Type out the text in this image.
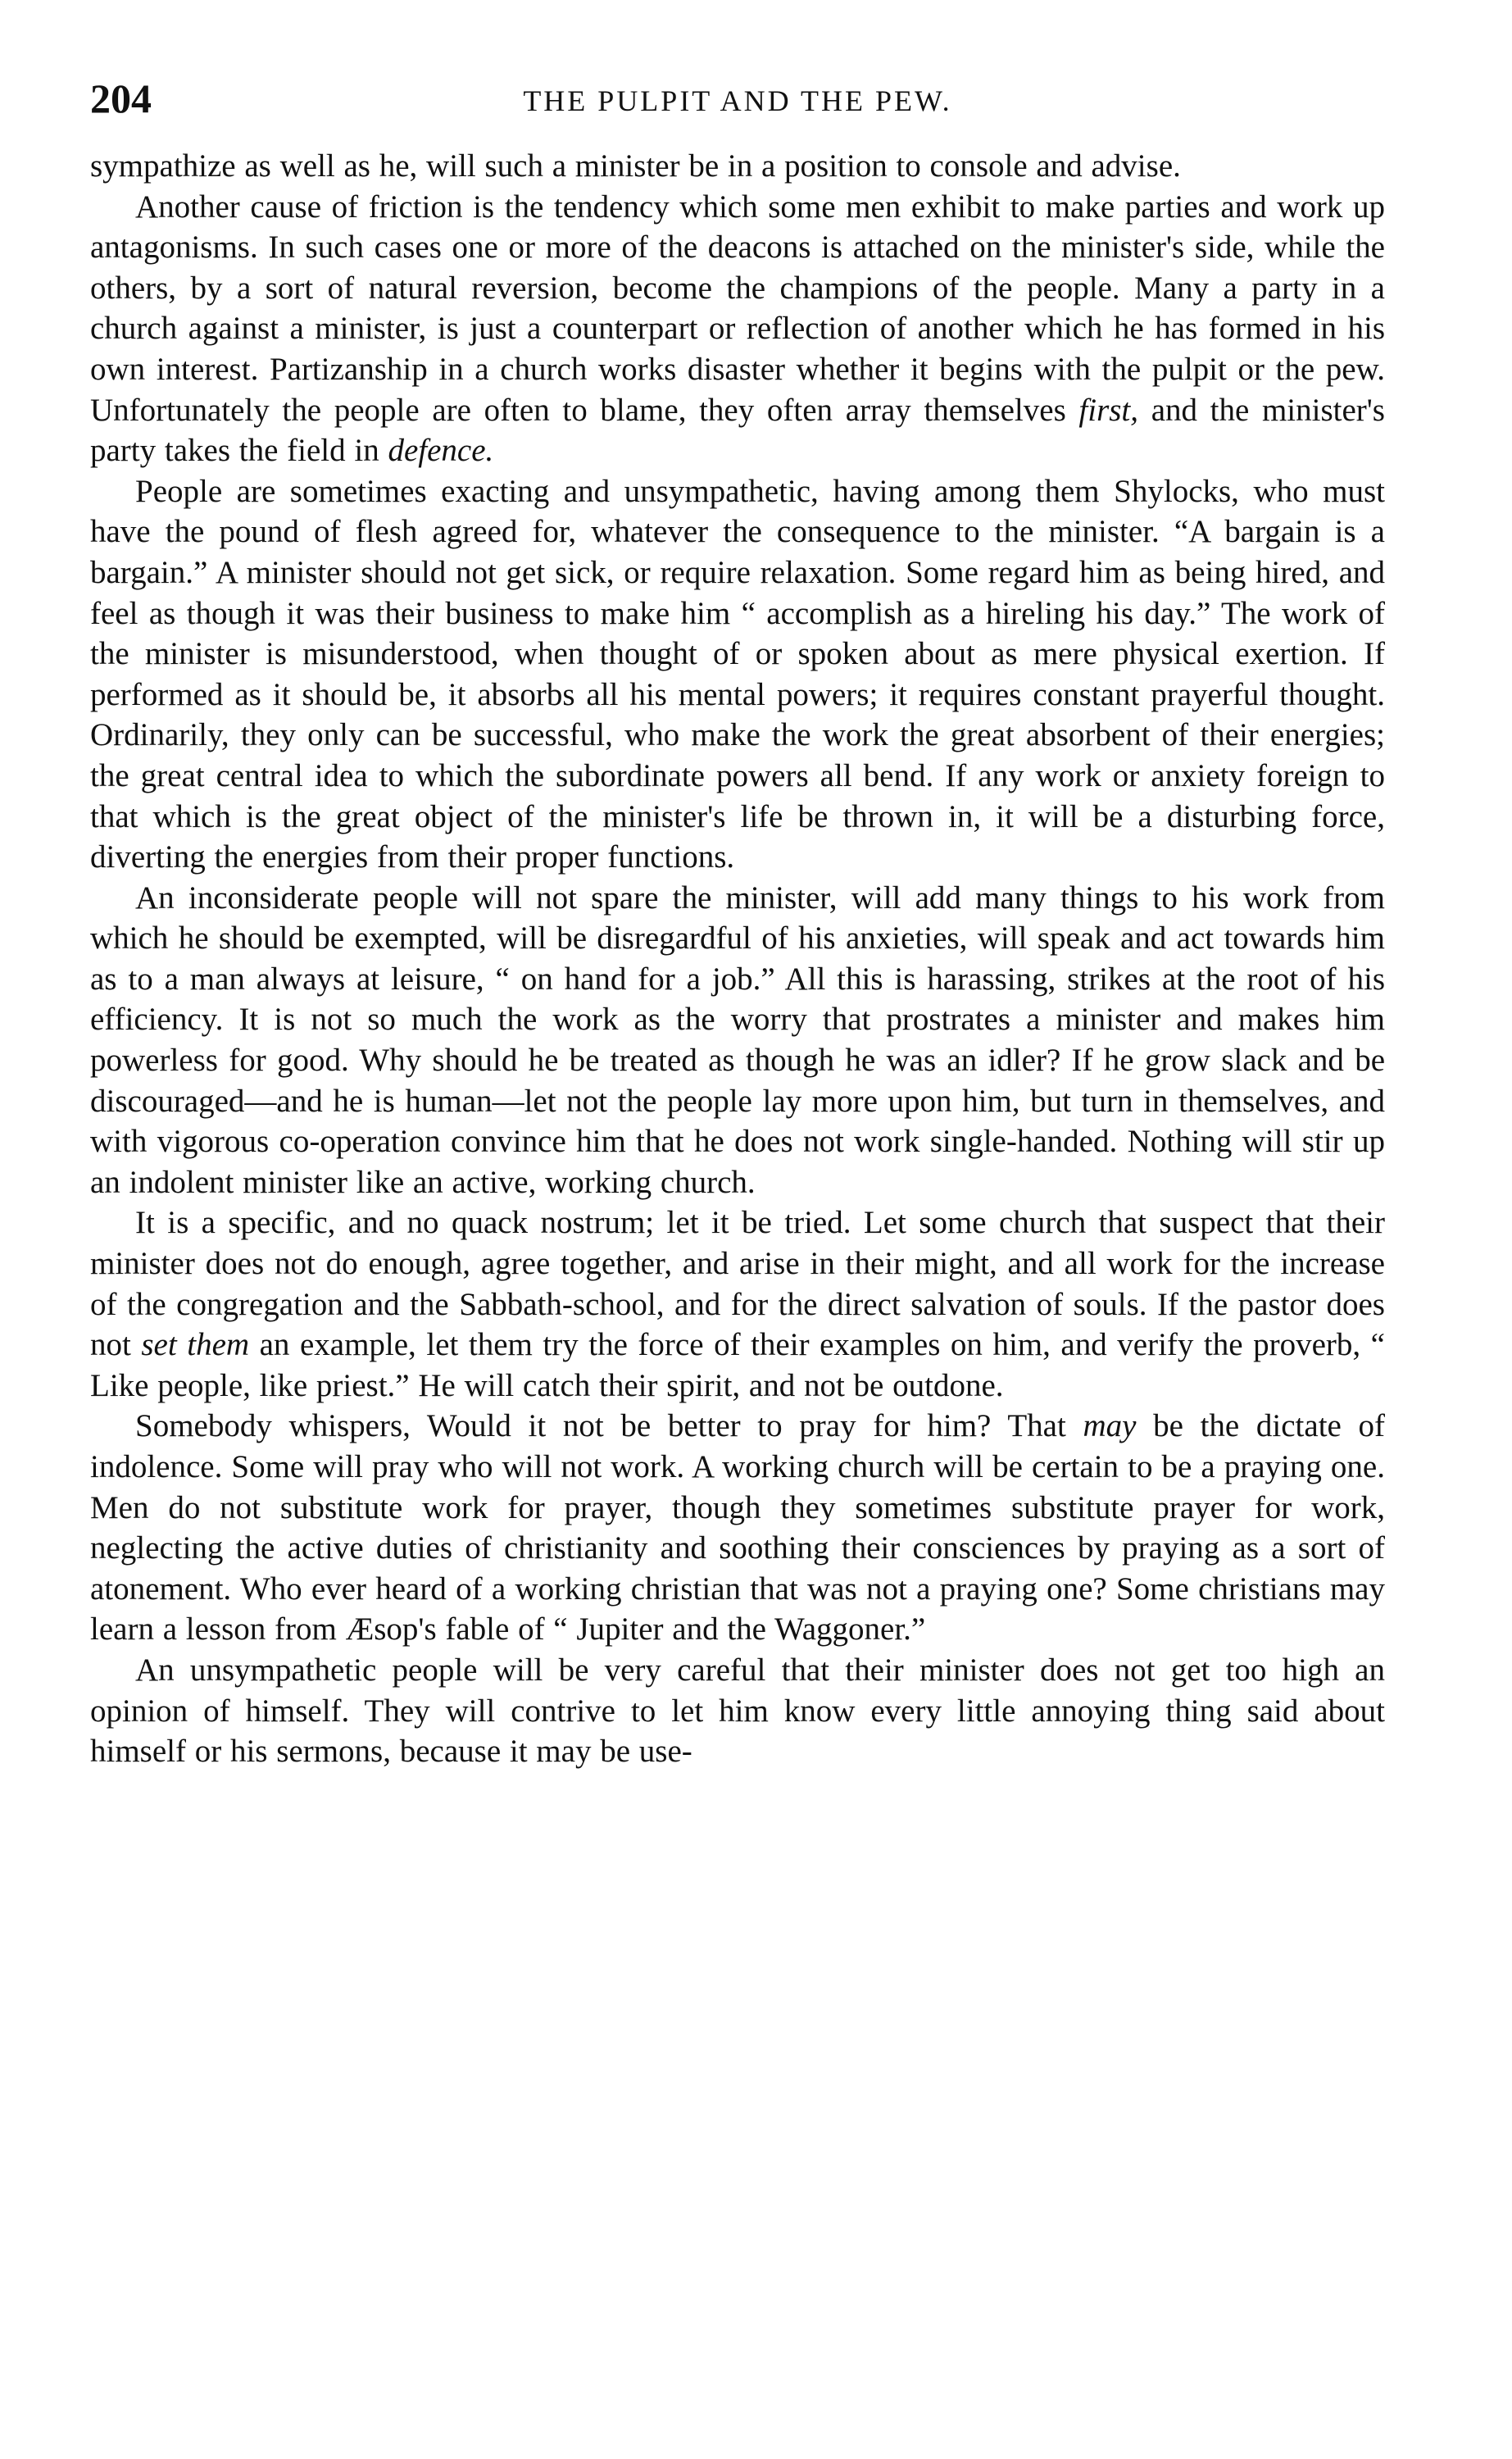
204	THE PULPIT AND THE PEW.

sympathize as well as he, will such a minister be in a position to console and advise.

Another cause of friction is the tendency which some men exhibit to make parties and work up antagonisms. In such cases one or more of the deacons is attached on the minister's side, while the others, by a sort of natural reversion, become the champions of the people. Many a party in a church against a minister, is just a counterpart or reflection of another which he has formed in his own interest. Partizanship in a church works disaster whether it begins with the pulpit or the pew. Unfortunately the people are often to blame, they often array themselves first, and the minister's party takes the field in defence.

People are sometimes exacting and unsympathetic, having among them Shylocks, who must have the pound of flesh agreed for, whatever the consequence to the minister. “A bargain is a bargain.” A minister should not get sick, or require relaxation. Some regard him as being hired, and feel as though it was their business to make him “ accomplish as a hireling his day.” The work of the minister is misunderstood, when thought of or spoken about as mere physical exertion. If performed as it should be, it absorbs all his mental powers; it requires constant prayerful thought. Ordinarily, they only can be successful, who make the work the great absorbent of their energies; the great central idea to which the subordinate powers all bend. If any work or anxiety foreign to that which is the great object of the minister's life be thrown in, it will be a disturbing force, diverting the energies from their proper functions.

An inconsiderate people will not spare the minister, will add many things to his work from which he should be exempted, will be disregardful of his anxieties, will speak and act towards him as to a man always at leisure, “ on hand for a job.” All this is harassing, strikes at the root of his efficiency. It is not so much the work as the worry that prostrates a minister and makes him powerless for good. Why should he be treated as though he was an idler? If he grow slack and be discouraged—and he is human—let not the people lay more upon him, but turn in themselves, and with vigorous co-operation convince him that he does not work single-handed. Nothing will stir up an indolent minister like an active, working church.

It is a specific, and no quack nostrum; let it be tried. Let some church that suspect that their minister does not do enough, agree together, and arise in their might, and all work for the increase of the congregation and the Sabbath-school, and for the direct salvation of souls. If the pastor does not set them an example, let them try the force of their examples on him, and verify the proverb, “ Like people, like priest.” He will catch their spirit, and not be outdone.

Somebody whispers, Would it not be better to pray for him? That may be the dictate of indolence. Some will pray who will not work. A working church will be certain to be a praying one. Men do not substitute work for prayer, though they sometimes substitute prayer for work, neglecting the active duties of christianity and soothing their consciences by praying as a sort of atonement. Who ever heard of a working christian that was not a praying one? Some christians may learn a lesson from Æsop's fable of “ Jupiter and the Waggoner.”

An unsympathetic people will be very careful that their minister does not get too high an opinion of himself. They will contrive to let him know every little annoying thing said about himself or his sermons, because it may be use-
